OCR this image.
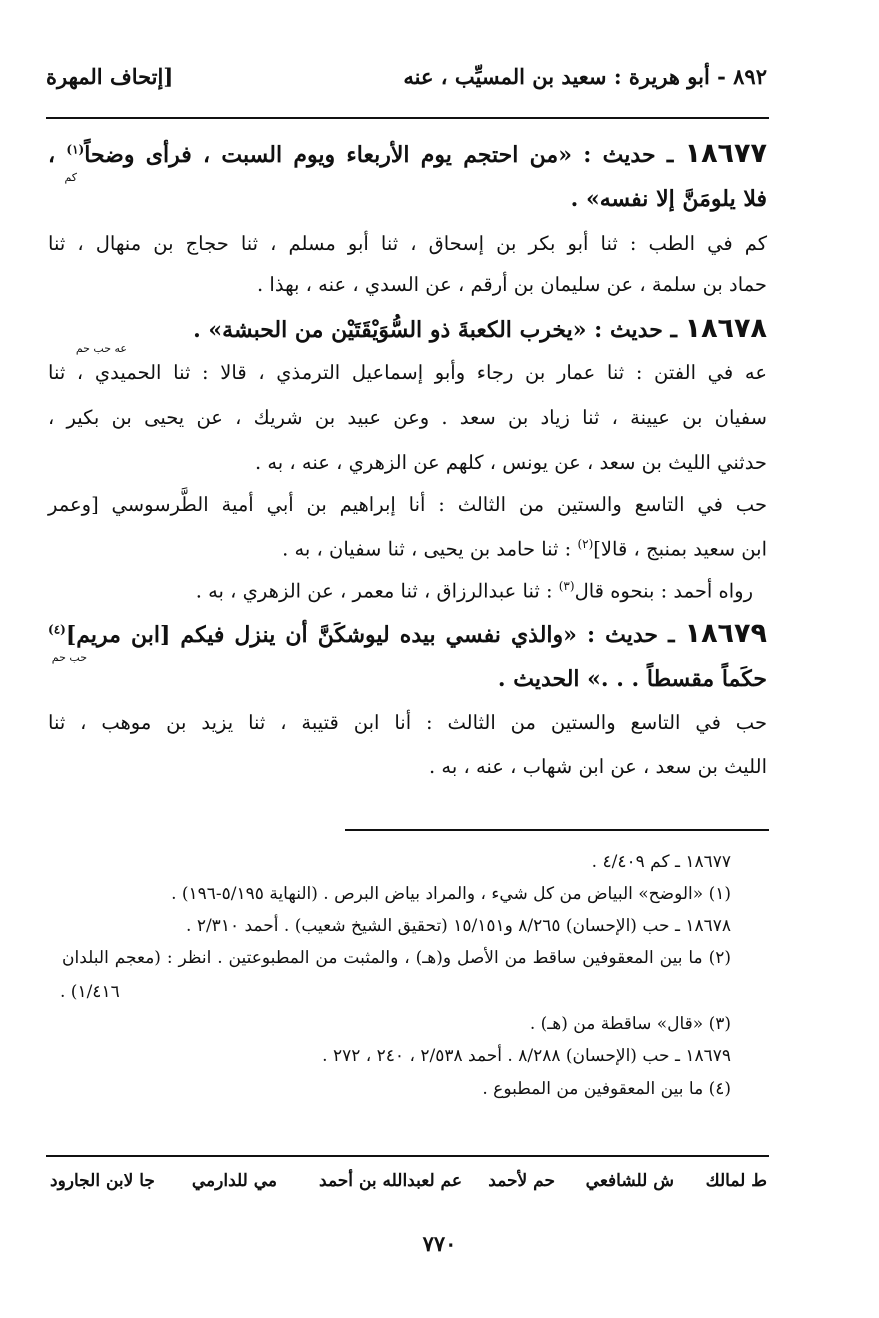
٨٩٢ - أبو هريرة : سعيد بن المسيِّب ، عنه
[إتحاف المهرة
١٨٦٧٧ ـ حديث : «من احتجم يوم الأربعاء ويوم السبت ، فرأى وضحاً$^{(١)}$ ،
كم
فلا يلومَنَّ إلا نفسه» .
كم في الطب : ثنا أبو بكر بن إسحاق ، ثنا أبو مسلم ، ثنا حجاج بن منهال ، ثنا
حماد بن سلمة ، عن سليمان بن أرقم ، عن السدي ، عنه ، بهذا .
١٨٦٧٨ ـ حديث : «يخرب الكعبةَ ذو السُّوَيْقَتَيْن من الحبشة» .
عه حب حم
عه في الفتن : ثنا عمار بن رجاء وأبو إسماعيل الترمذي ، قالا : ثنا الحميدي ، ثنا
سفيان بن عيينة ، ثنا زياد بن سعد . وعن عبيد بن شريك ، عن يحيى بن بكير ،
حدثني الليث بن سعد ، عن يونس ، كلهم عن الزهري ، عنه ، به .
حب في التاسع والستين من الثالث : أنا إبراهيم بن أبي أمية الطَّرسوسي [وعمر
ابن سعيد بمنبج ، قالا]$^{(٢)}$ : ثنا حامد بن يحيى ، ثنا سفيان ، به .
رواه أحمد : بنحوه قال$^{(٣)}$ : ثنا عبدالرزاق ، ثنا معمر ، عن الزهري ، به .
١٨٦٧٩ ـ حديث : «والذي نفسي بيده ليوشكَنَّ أن ينزل فيكم [ابن مريم]$^{(٤)}$
حب حم
حكَماً مقسطاً . . .» الحديث .
حب في التاسع والستين من الثالث : أنا ابن قتيبة ، ثنا يزيد بن موهب ، ثنا
الليث بن سعد ، عن ابن شهاب ، عنه ، به .
١٨٦٧٧ ـ كم ٤/٤٠٩ .
(١) «الوضح» البياض من كل شيء ، والمراد بياض البرص . (النهاية ٥/١٩٥-١٩٦) .
١٨٦٧٨ ـ حب (الإحسان) ٨/٢٦٥ و١٥/١٥١ (تحقيق الشيخ شعيب) . أحمد ٢/٣١٠ .
(٢) ما بين المعقوفين ساقط من الأصل و(هـ) ، والمثبت من المطبوعتين . انظر : (معجم البلدان
١/٤١٦) .
(٣) «قال» ساقطة من (هـ) .
١٨٦٧٩ ـ حب (الإحسان) ٨/٢٨٨ . أحمد ٢/٥٣٨ ، ٢٤٠ ، ٢٧٢ .
(٤) ما بين المعقوفين من المطبوع .
ط لمالك
ش للشافعي
حم لأحمد
عم لعبدالله بن أحمد
مي للدارمي
جا لابن الجارود
٧٧٠
